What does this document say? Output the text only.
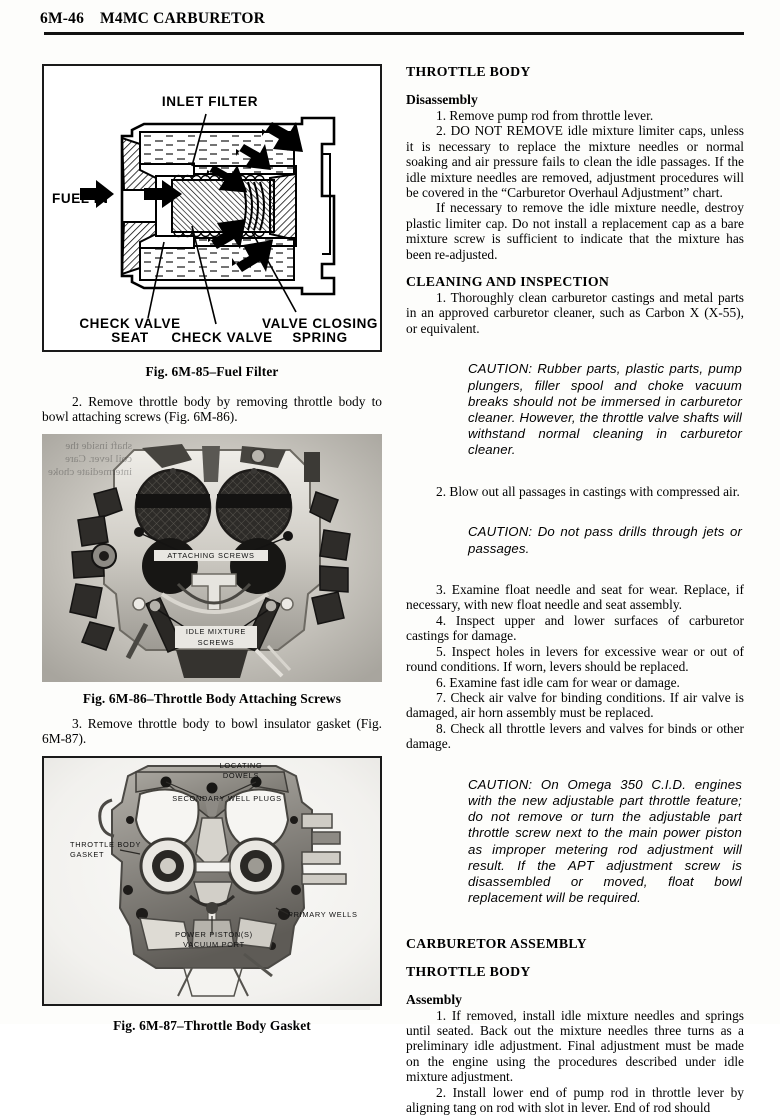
6M-46 M4MC CARBURETOR
INLET FILTER
FUEL IN
CHECK VALVE
SEAT CHECK VALVE
VALVE CLOSING
SPRING
Fig. 6M-85–Fuel Filter

2. Remove throttle body by removing throttle body to bowl attaching screws (Fig. 6M-86).

ATTACHING SCREWS
IDLE MIXTURE
SCREWS
shaft inside the
coil lever. Care
intermediate choke
Fig. 6M-86–Throttle Body Attaching Screws

3. Remove throttle body to bowl insulator gasket (Fig. 6M-87).

LOCATING
DOWELS
SECONDARY WELL PLUGS
THROTTLE BODY
GASKET
PRIMARY WELLS
POWER PISTON(S)
VACUUM PORT
Fig. 6M-87–Throttle Body Gasket
THROTTLE BODY
Disassembly

1. Remove pump rod from throttle lever.

2. DO NOT REMOVE idle mixture limiter caps, unless it is necessary to replace the mixture needles or normal soaking and air pressure fails to clean the idle passages. If the idle mixture needles are removed, adjustment procedures will be covered in the “Carburetor Overhaul Adjustment” chart.

If necessary to remove the idle mixture needle, destroy plastic limiter cap. Do not install a replacement cap as a bare mixture screw is sufficient to indicate that the mixture has been re-adjusted.

CLEANING AND INSPECTION

1. Thoroughly clean carburetor castings and metal parts in an approved carburetor cleaner, such as Carbon X (X-55), or equivalent.

CAUTION: Rubber parts, plastic parts, pump plungers, filler spool and choke vacuum breaks should not be immersed in carburetor cleaner. However, the throttle valve shafts will withstand normal cleaning in carburetor cleaner.

2. Blow out all passages in castings with compressed air.

CAUTION: Do not pass drills through jets or passages.

3. Examine float needle and seat for wear. Replace, if necessary, with new float needle and seat assembly.

4. Inspect upper and lower surfaces of carburetor castings for damage.

5. Inspect holes in levers for excessive wear or out of round conditions. If worn, levers should be replaced.

6. Examine fast idle cam for wear or damage.

7. Check air valve for binding conditions. If air valve is damaged, air horn assembly must be replaced.

8. Check all throttle levers and valves for binds or other damage.

CAUTION: On Omega 350 C.I.D. engines with the new adjustable part throttle feature; do not remove or turn the adjustable part throttle screw next to the main power piston as improper metering rod adjustment will result. If the APT adjustment screw is disassembled or moved, float bowl replacement will be required.

CARBURETOR ASSEMBLY
THROTTLE BODY
Assembly

1. If removed, install idle mixture needles and springs until seated. Back out the mixture needles three turns as a preliminary idle adjustment. Final adjustment must be made on the engine using the procedures described under idle mixture adjustment.

2. Install lower end of pump rod in throttle lever by aligning tang on rod with slot in lever. End of rod should
